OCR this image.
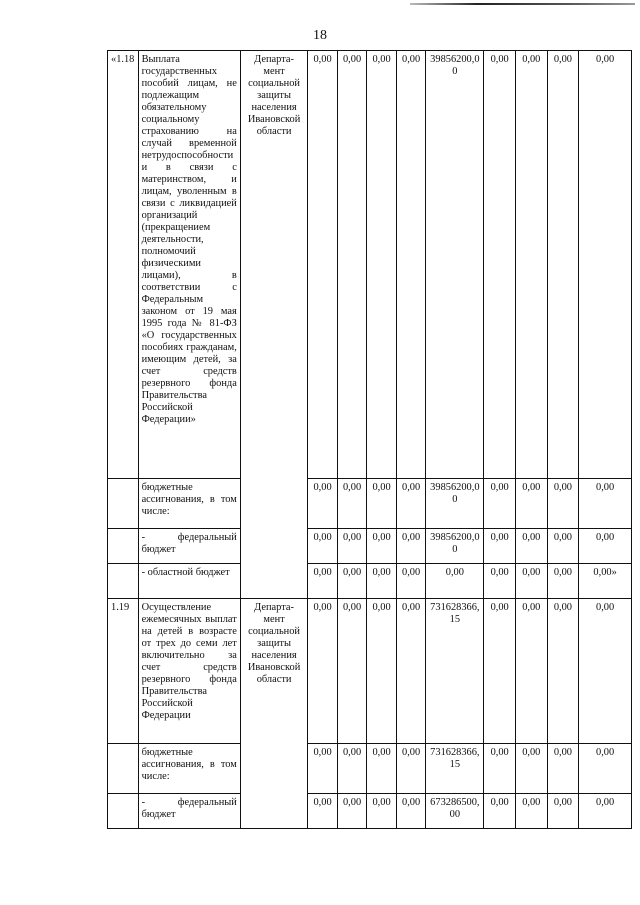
18
«1.18	Выплата государственных пособий лицам, не подлежащим обязательному социальному страхованию на случай временной нетрудоспособности и в связи с материнством, и лицам, уволенным в связи с ликвидацией организаций (прекращением деятельности, полномочий физическими лицами), в соответствии с Федеральным законом от 19 мая 1995 года № 81-ФЗ «О государственных пособиях гражданам, имеющим детей, за счет средств резервного фонда Правительства Российской Федерации»	Департа-мент социальной защиты населения Ивановской области	0,00	0,00	0,00	0,00	39856200,00	0,00	0,00	0,00	0,00
	бюджетные ассигнования, в том числе:		0,00	0,00	0,00	0,00	39856200,00	0,00	0,00	0,00	0,00
	- федеральный бюджет		0,00	0,00	0,00	0,00	39856200,00	0,00	0,00	0,00	0,00
	- областной бюджет		0,00	0,00	0,00	0,00	0,00	0,00	0,00	0,00	0,00»
1.19	Осуществление ежемесячных выплат на детей в возрасте от трех до семи лет включительно за счет средств резервного фонда Правительства Российской Федерации	Департа-мент социальной защиты населения Ивановской области	0,00	0,00	0,00	0,00	731628366,15	0,00	0,00	0,00	0,00
	бюджетные ассигнования, в том числе:		0,00	0,00	0,00	0,00	731628366,15	0,00	0,00	0,00	0,00
	- федеральный бюджет		0,00	0,00	0,00	0,00	673286500,00	0,00	0,00	0,00	0,00
